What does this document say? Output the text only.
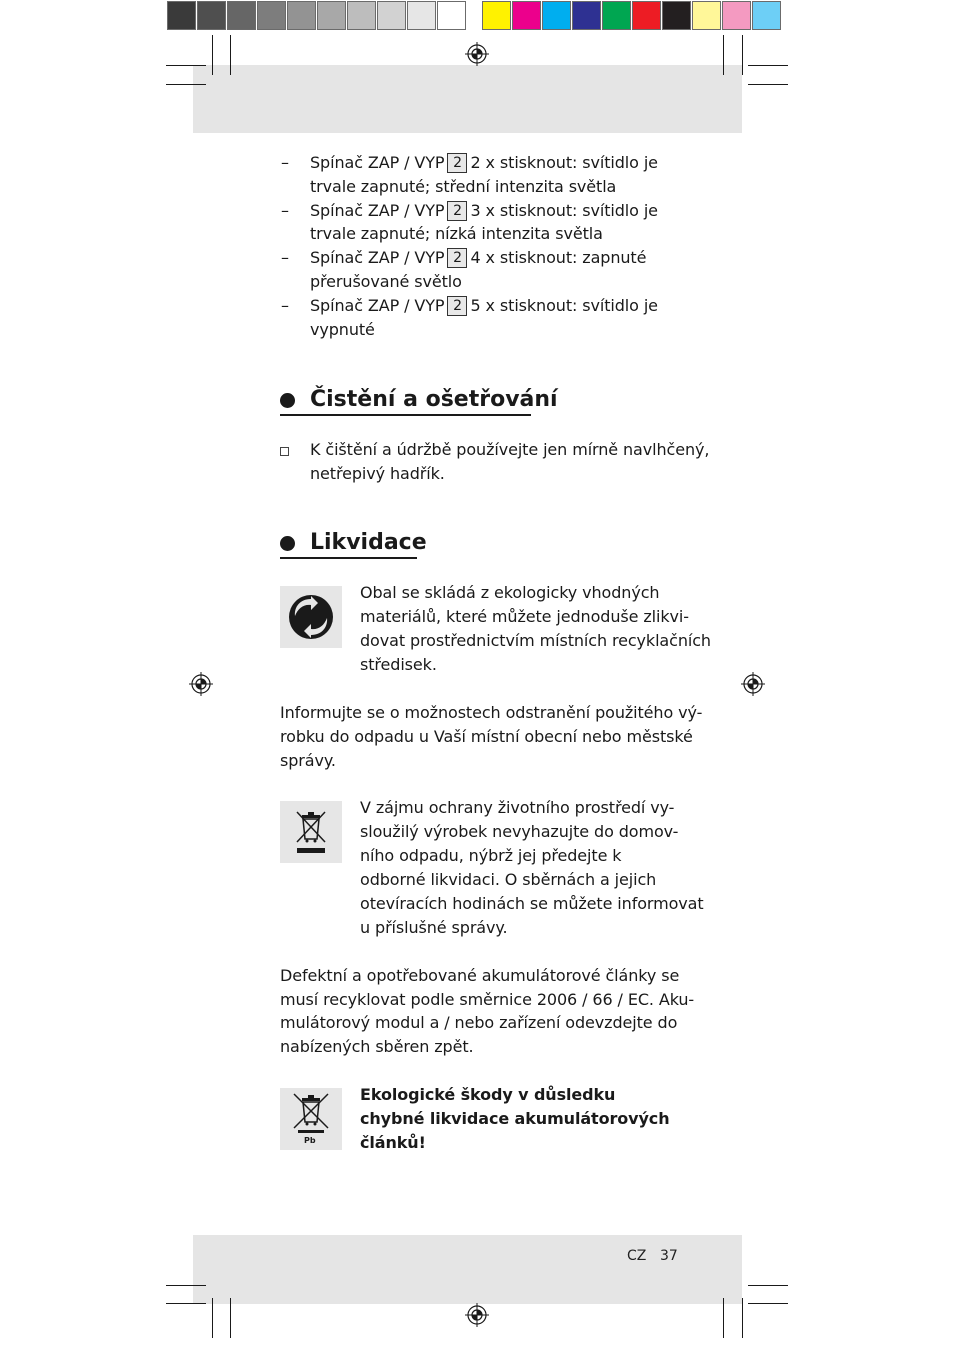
– Spínač ZAP / VYP 2 2 x stisknout: svítidlo je
trvale zapnuté; střední intenzita světla
– Spínač ZAP / VYP 2 3 x stisknout: svítidlo je
trvale zapnuté; nízká intenzita světla
– Spínač ZAP / VYP 2 4 x stisknout: zapnuté
přerušované světlo
– Spínač ZAP / VYP 2 5 x stisknout: svítidlo je
vypnuté
Čistění a ošetřování
K čištění a údržbě používejte jen mírně navlhčený,
netřepivý hadřík.
Likvidace
Obal se skládá z ekologicky vhodných
materiálů, které můžete jednoduše zlikvi-
dovat prostřednictvím místních recyklačních
středisek.
Informujte se o možnostech odstranění použitého vý-
robku do odpadu u Vaší místní obecní nebo městské
správy.
V zájmu ochrany životního prostředí vy-
sloužilý výrobek nevyhazujte do domov-
ního odpadu, nýbrž jej předejte k
odborné likvidaci. O sběrnách a jejich
otevíracích hodinách se můžete informovat
u příslušné správy.
Defektní a opotřebované akumulátorové články se
musí recyklovat podle směrnice 2006 / 66 / EC. Aku-
mulátorový modul a / nebo zařízení odevzdejte do
nabízených sběren zpět.
Pb
Ekologické škody v důsledku
chybné likvidace akumulátorových
článků!
CZ 37
